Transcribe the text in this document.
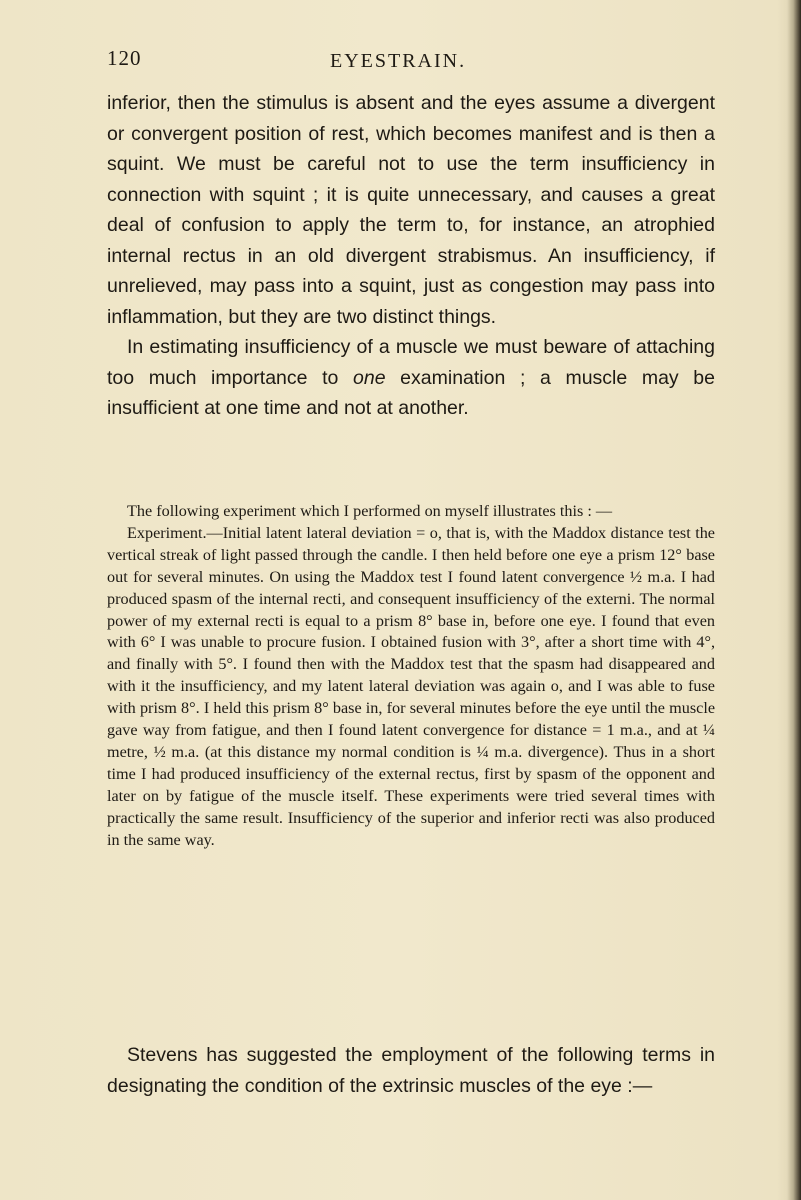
120	EYESTRAIN.

inferior, then the stimulus is absent and the eyes assume a divergent or convergent position of rest, which becomes manifest and is then a squint. We must be careful not to use the term insufficiency in connection with squint ; it is quite unnecessary, and causes a great deal of confusion to apply the term to, for instance, an atrophied internal rectus in an old divergent strabismus. An insufficiency, if unrelieved, may pass into a squint, just as congestion may pass into inflammation, but they are two distinct things.

In estimating insufficiency of a muscle we must beware of attaching too much importance to one examination ; a muscle may be insufficient at one time and not at another.

The following experiment which I performed on myself illustrates this : —

Experiment.—Initial latent lateral deviation = o, that is, with the Maddox distance test the vertical streak of light passed through the candle. I then held before one eye a prism 12° base out for several minutes. On using the Maddox test I found latent convergence ½ m.a. I had produced spasm of the internal recti, and consequent insufficiency of the externi. The normal power of my external recti is equal to a prism 8° base in, before one eye. I found that even with 6° I was unable to procure fusion. I obtained fusion with 3°, after a short time with 4°, and finally with 5°. I found then with the Maddox test that the spasm had disappeared and with it the insufficiency, and my latent lateral deviation was again o, and I was able to fuse with prism 8°. I held this prism 8° base in, for several minutes before the eye until the muscle gave way from fatigue, and then I found latent convergence for distance = 1 m.a., and at ¼ metre, ½ m.a. (at this distance my normal condition is ¼ m.a. divergence). Thus in a short time I had produced insufficiency of the external rectus, first by spasm of the opponent and later on by fatigue of the muscle itself. These experiments were tried several times with practically the same result. Insufficiency of the superior and inferior recti was also produced in the same way.

Stevens has suggested the employment of the following terms in designating the condition of the extrinsic muscles of the eye :—
